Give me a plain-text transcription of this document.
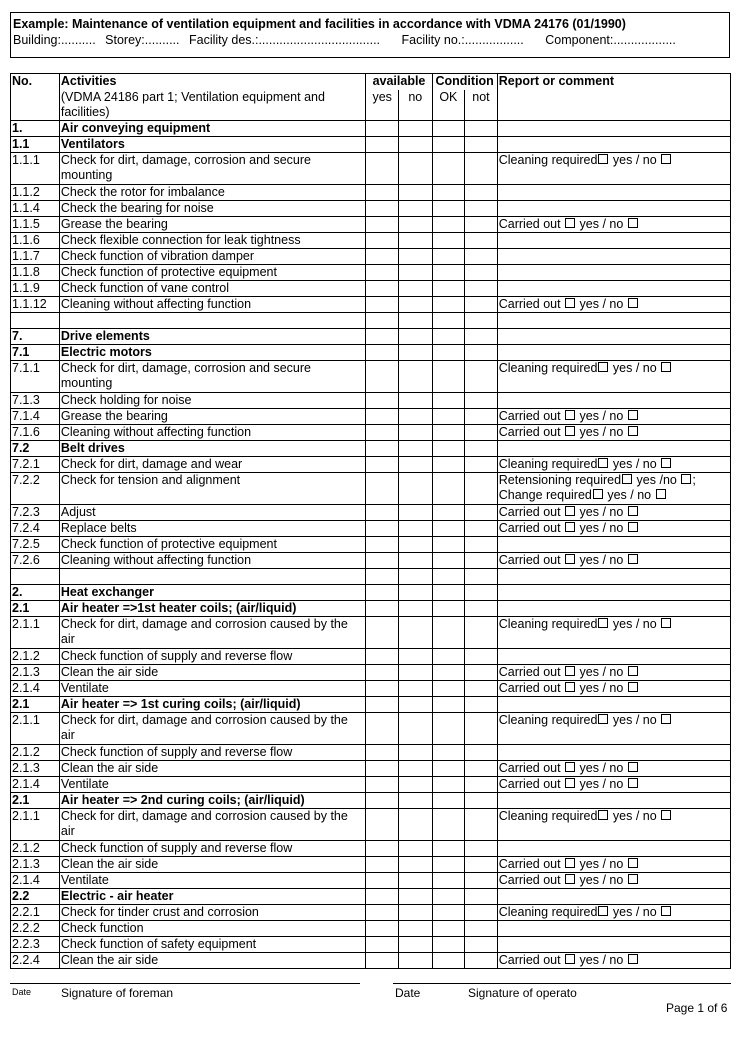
Example: Maintenance of ventilation equipment and facilities in accordance with VDMA 24176 (01/1990)
Building:.......... Storey:.......... Facility des.:................................... Facility no.:................. Component:..................
No.	Activities	available		Condition		Report or comment
	(VDMA 24186 part 1; Ventilation equipment and facilities)	yes	no	OK	not	
1.	Air conveying equipment					
1.1	Ventilators					
1.1.1	Check for dirt, damage, corrosion and secure mounting					Cleaning required yes / no
1.1.2	Check the rotor for imbalance					
1.1.4	Check the bearing for noise					
1.1.5	Grease the bearing					Carried out  yes / no
1.1.6	Check flexible connection for leak tightness					
1.1.7	Check function of vibration damper					
1.1.8	Check function of protective equipment					
1.1.9	Check function of vane control					
1.1.12	Cleaning without affecting function					Carried out  yes / no

7.	Drive elements					
7.1	Electric motors					
7.1.1	Check for dirt, damage, corrosion and secure mounting					Cleaning required yes / no
7.1.3	Check holding for noise					
7.1.4	Grease the bearing					Carried out  yes / no
7.1.6	Cleaning without affecting function					Carried out  yes / no
7.2	Belt drives					
7.2.1	Check for dirt, damage and wear					Cleaning required yes / no
7.2.2	Check for tension and alignment					Retensioning required yes /no ;
Change required yes / no

7.2.3	Adjust					Carried out  yes / no
7.2.4	Replace belts					Carried out  yes / no
7.2.5	Check function of protective equipment					
7.2.6	Cleaning without affecting function					Carried out  yes / no

2.	Heat exchanger					
2.1	Air heater =>1st heater coils; (air/liquid)					
2.1.1	Check for dirt, damage and corrosion caused by the air					Cleaning required yes / no
2.1.2	Check function of supply and reverse flow					
2.1.3	Clean the air side					Carried out  yes / no
2.1.4	Ventilate					Carried out  yes / no
2.1	Air heater => 1st curing coils; (air/liquid)					
2.1.1	Check for dirt, damage and corrosion caused by the air					Cleaning required yes / no
2.1.2	Check function of supply and reverse flow					
2.1.3	Clean the air side					Carried out  yes / no
2.1.4	Ventilate					Carried out  yes / no
2.1	Air heater => 2nd curing coils; (air/liquid)					
2.1.1	Check for dirt, damage and corrosion caused by the air					Cleaning required yes / no
2.1.2	Check function of supply and reverse flow					
2.1.3	Clean the air side					Carried out  yes / no
2.1.4	Ventilate					Carried out  yes / no
2.2	Electric - air heater					
2.2.1	Check for tinder crust and corrosion					Cleaning required yes / no
2.2.2	Check function					
2.2.3	Check function of safety equipment					
2.2.4	Clean the air side					Carried out  yes / no
Date Signature of foreman	Date	Signature of operato
Page 1 of 6
